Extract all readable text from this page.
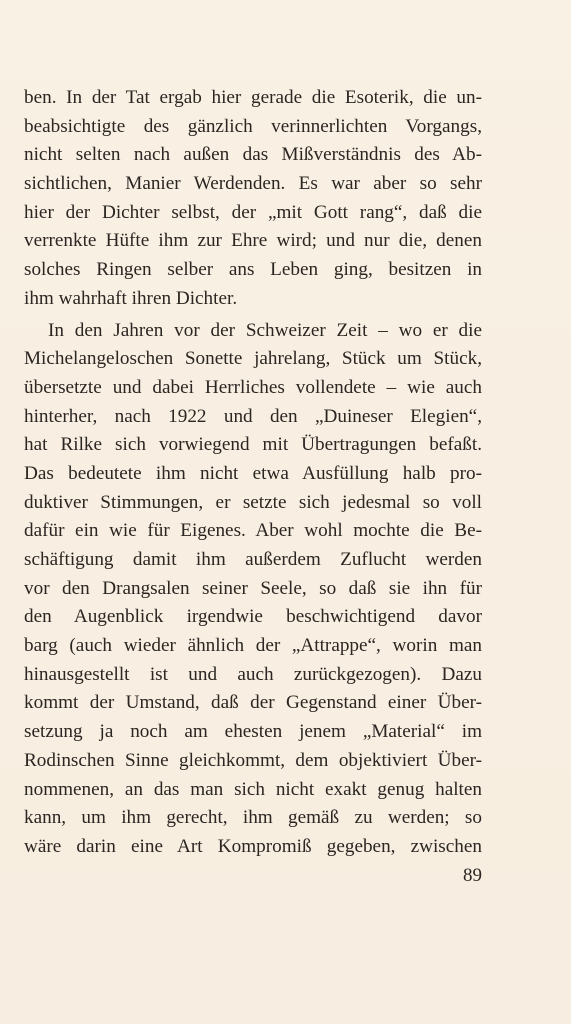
ben. In der Tat ergab hier gerade die Esoterik, die un-
beabsichtigte des gänzlich verinnerlichten Vorgangs,
nicht selten nach außen das Mißverständnis des Ab-
sichtlichen, Manier Werdenden. Es war aber so sehr
hier der Dichter selbst, der „mit Gott rang“, daß die
verrenkte Hüfte ihm zur Ehre wird; und nur die, denen
solches Ringen selber ans Leben ging, besitzen in
ihm wahrhaft ihren Dichter.
In den Jahren vor der Schweizer Zeit – wo er die
Michelangeloschen Sonette jahrelang, Stück um Stück,
übersetzte und dabei Herrliches vollendete – wie auch
hinterher, nach 1922 und den „Duineser Elegien“,
hat Rilke sich vorwiegend mit Übertragungen befaßt.
Das bedeutete ihm nicht etwa Ausfüllung halb pro-
duktiver Stimmungen, er setzte sich jedesmal so voll
dafür ein wie für Eigenes. Aber wohl mochte die Be-
schäftigung damit ihm außerdem Zuflucht werden
vor den Drangsalen seiner Seele, so daß sie ihn für
den Augenblick irgendwie beschwichtigend davor
barg (auch wieder ähnlich der „Attrappe“, worin man
hinausgestellt ist und auch zurückgezogen). Dazu
kommt der Umstand, daß der Gegenstand einer Über-
setzung ja noch am ehesten jenem „Material“ im
Rodinschen Sinne gleichkommt, dem objektiviert Über-
nommenen, an das man sich nicht exakt genug halten
kann, um ihm gerecht, ihm gemäß zu werden; so
wäre darin eine Art Kompromiß gegeben, zwischen
89
